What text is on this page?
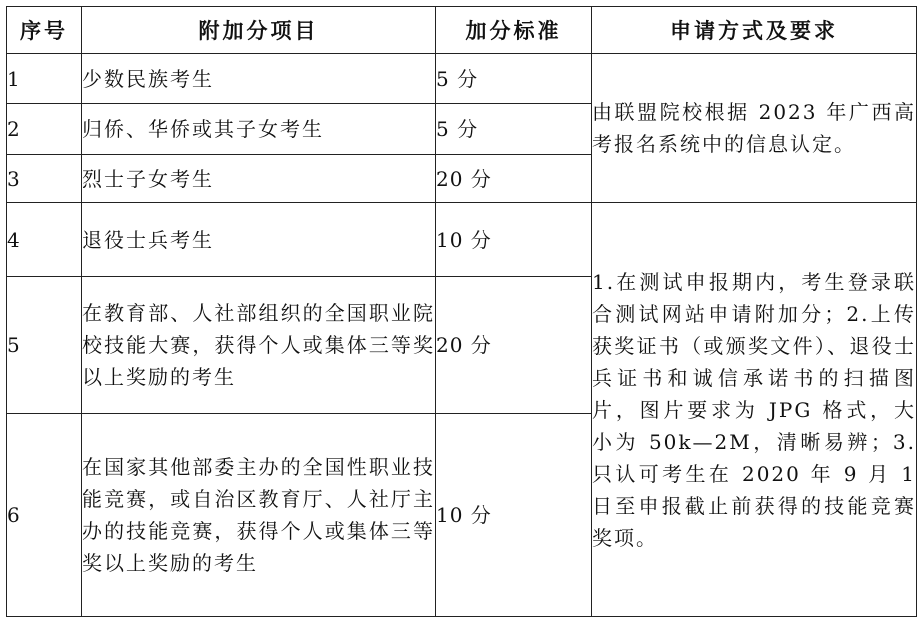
序号	附加分项目	加分标准	申请方式及要求
1	少数民族考生	5 分	由联盟院校根据 2023 年广西高考报名系统中的信息认定。
2	归侨、华侨或其子女考生	5 分	
3	烈士子女考生	20 分	
4	退役士兵考生	10 分	1.在测试申报期内，考生登录联合测试网站申请附加分；2.上传获奖证书（或颁奖文件）、退役士兵证书和诚信承诺书的扫描图片，图片要求为 JPG 格式，大小为 50k—2M，清晰易辨；3.只认可考生在 2020 年 9 月 1 日至申报截止前获得的技能竞赛奖项。
5	在教育部、人社部组织的全国职业院校技能大赛，获得个人或集体三等奖以上奖励的考生	20 分	
6	在国家其他部委主办的全国性职业技能竞赛，或自治区教育厅、人社厅主办的技能竞赛，获得个人或集体三等奖以上奖励的考生	10 分	
